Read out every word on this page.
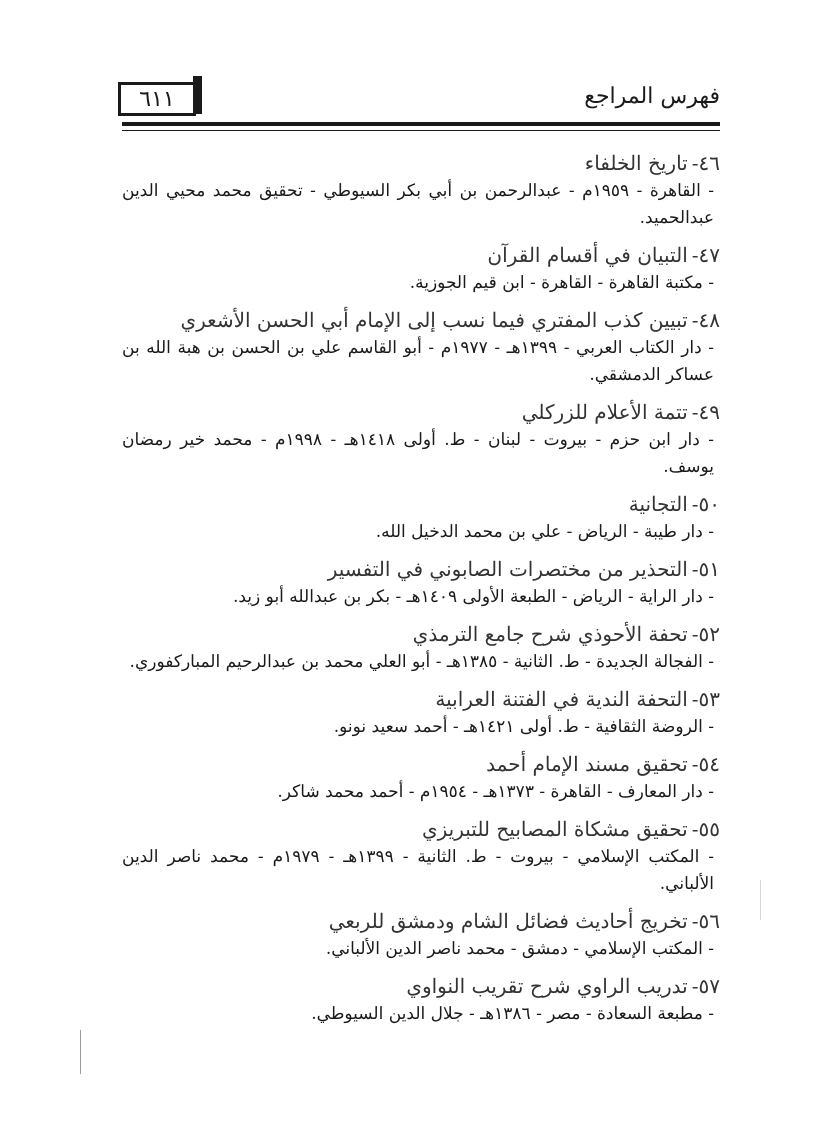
٦١١	فهرس المراجع
٤٦-تاريخ الخلفاء
- القاهرة - ١٩٥٩م - عبدالرحمن بن أبي بكر السيوطي - تحقيق محمد محيي الدين عبدالحميد.
٤٧-التبيان في أقسام القرآن
- مكتبة القاهرة - القاهرة - ابن قيم الجوزية.
٤٨-تبيين كذب المفتري فيما نسب إلى الإمام أبي الحسن الأشعري
- دار الكتاب العربي - ١٣٩٩هـ - ١٩٧٧م - أبو القاسم علي بن الحسن بن هبة الله بن عساكر الدمشقي.
٤٩-تتمة الأعلام للزركلي
- دار ابن حزم - بيروت - لبنان - ط. أولى ١٤١٨هـ - ١٩٩٨م - محمد خير رمضان يوسف.
٥٠-التجانية
- دار طيبة - الرياض - علي بن محمد الدخيل الله.
٥١-التحذير من مختصرات الصابوني في التفسير
- دار الراية - الرياض - الطبعة الأولى ١٤٠٩هـ - بكر بن عبدالله أبو زيد.
٥٢-تحفة الأحوذي شرح جامع الترمذي
- الفجالة الجديدة - ط. الثانية - ١٣٨٥هـ - أبو العلي محمد بن عبدالرحيم المباركفوري.
٥٣-التحفة الندية في الفتنة العرابية
- الروضة الثقافية - ط. أولى ١٤٢١هـ - أحمد سعيد نونو.
٥٤-تحقيق مسند الإمام أحمد
- دار المعارف - القاهرة - ١٣٧٣هـ - ١٩٥٤م - أحمد محمد شاكر.
٥٥-تحقيق مشكاة المصابيح للتبريزي
- المكتب الإسلامي - بيروت - ط. الثانية - ١٣٩٩هـ - ١٩٧٩م - محمد ناصر الدين الألباني.
٥٦-تخريج أحاديث فضائل الشام ودمشق للربعي
- المكتب الإسلامي - دمشق - محمد ناصر الدين الألباني.
٥٧-تدريب الراوي شرح تقريب النواوي
- مطبعة السعادة - مصر - ١٣٨٦هـ - جلال الدين السيوطي.
